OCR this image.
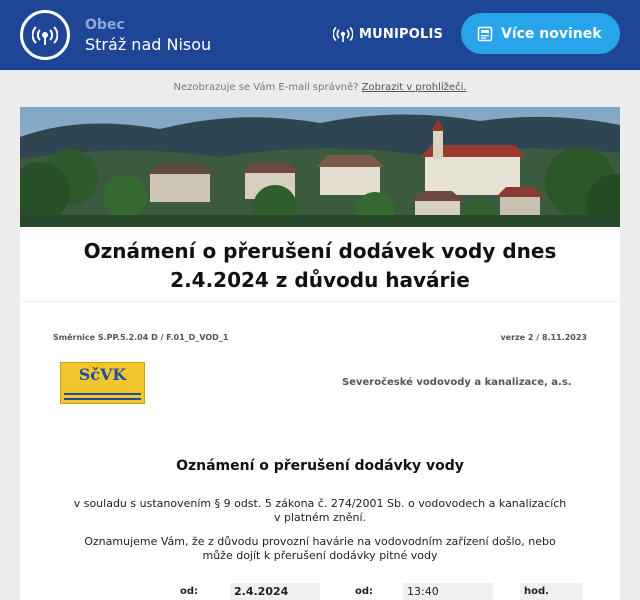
Obec
Stráž nad Nisou
MUNIPOLIS	Více novinek
Nezobrazuje se Vám E-mail správně? Zobrazit v prohlížeči.
Oznámení o přerušení dodávek vody dnes 2.4.2024 z důvodu havárie
Směrnice S.PP.5.2.04 D / F.01_D_VOD_1	verze 2 / 8.11.2023
SčVK	Severočeské vodovody a kanalizace, a.s.
Oznámení o přerušení dodávky vody
v souladu s ustanovením § 9 odst. 5 zákona č. 274/2001 Sb. o vodovodech a kanalizacích v platném znění.
Oznamujeme Vám, že z důvodu provozní havárie na vodovodním zařízení došlo, nebo může dojít k přerušení dodávky pitné vody
od:	2.4.2024	od:	13:40	hod.
